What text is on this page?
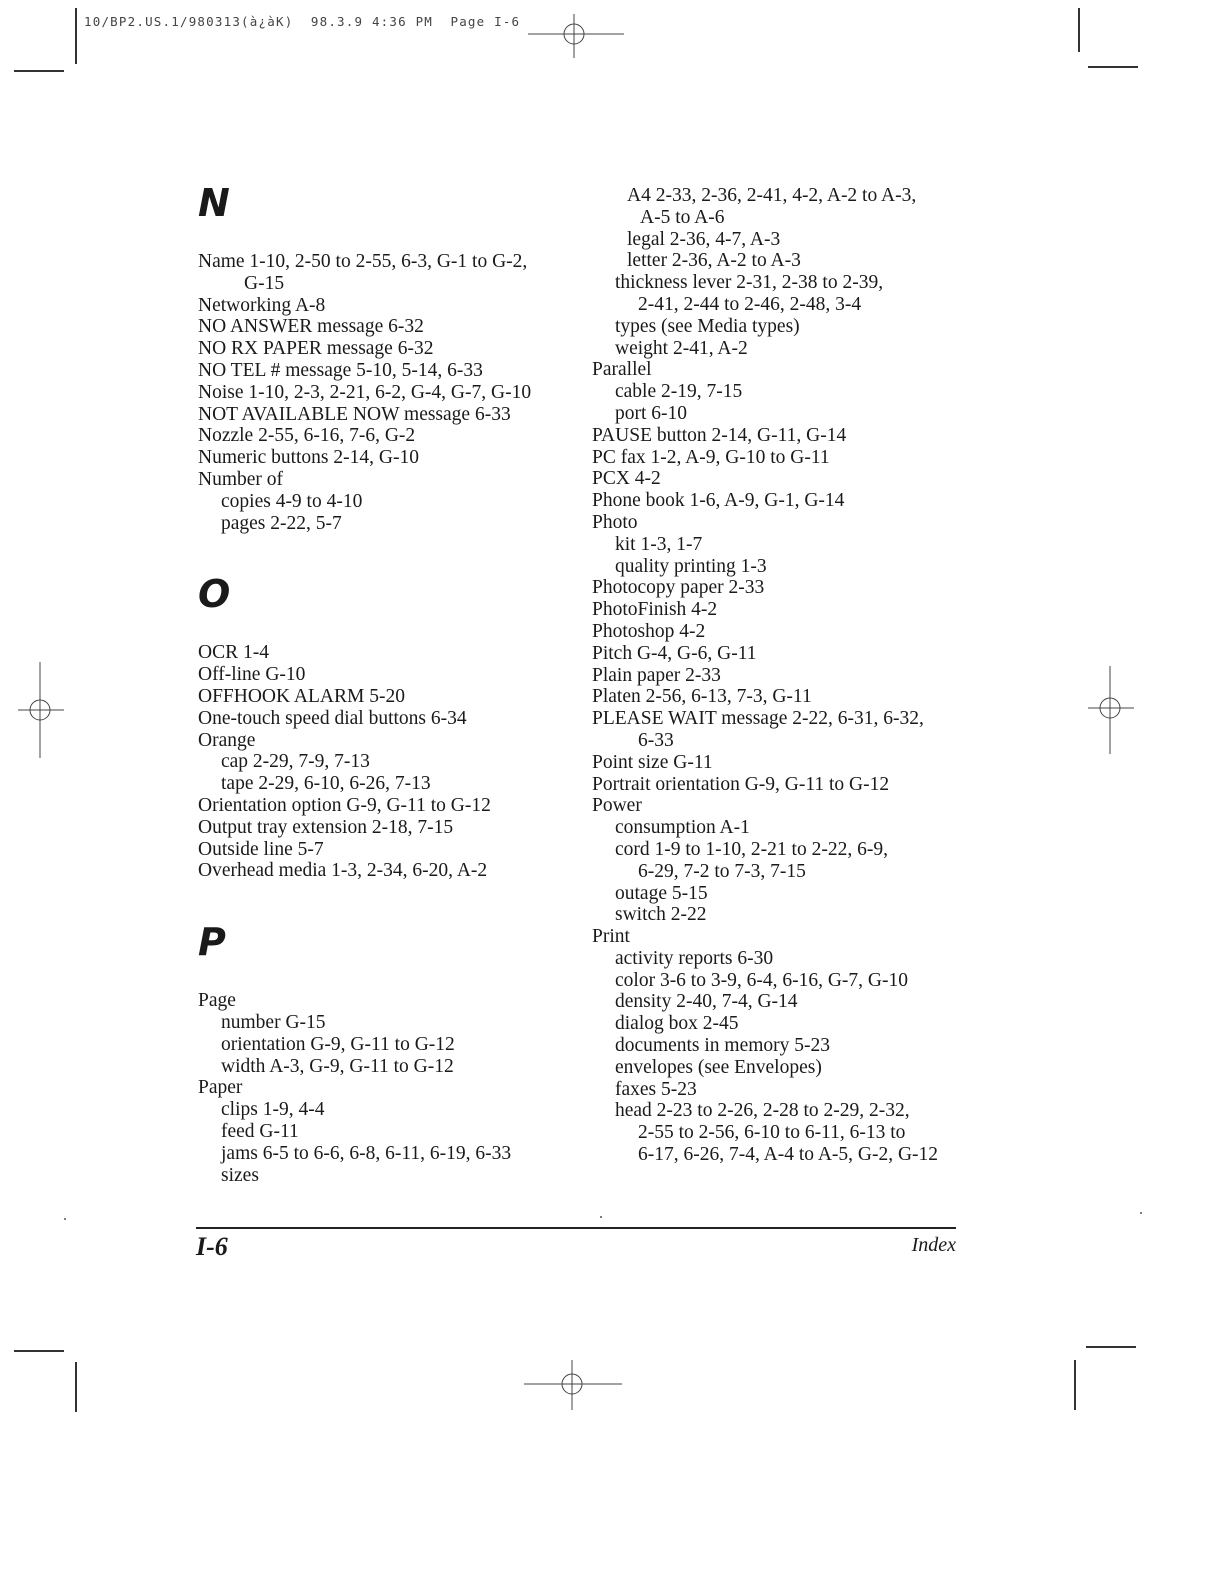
10/BP2.US.1/980313(à¿àK)  98.3.9 4:36 PM  Page I-6
N
Name 1-10, 2-50 to 2-55, 6-3, G-1 to G-2,
G-15
Networking A-8
NO ANSWER message 6-32
NO RX PAPER message 6-32
NO TEL # message 5-10, 5-14, 6-33
Noise 1-10, 2-3, 2-21, 6-2, G-4, G-7, G-10
NOT AVAILABLE NOW message 6-33
Nozzle 2-55, 6-16, 7-6, G-2
Numeric buttons 2-14, G-10
Number of
copies 4-9 to 4-10
pages 2-22, 5-7
O
OCR 1-4
Off-line G-10
OFFHOOK ALARM 5-20
One-touch speed dial buttons 6-34
Orange
cap 2-29, 7-9, 7-13
tape 2-29, 6-10, 6-26, 7-13
Orientation option G-9, G-11 to G-12
Output tray extension 2-18, 7-15
Outside line 5-7
Overhead media 1-3, 2-34, 6-20, A-2
P
Page
number G-15
orientation G-9, G-11 to G-12
width A-3, G-9, G-11 to G-12
Paper
clips 1-9, 4-4
feed G-11
jams 6-5 to 6-6, 6-8, 6-11, 6-19, 6-33
sizes
A4 2-33, 2-36, 2-41, 4-2, A-2 to A-3,
A-5 to A-6
legal 2-36, 4-7, A-3
letter 2-36, A-2 to A-3
thickness lever 2-31, 2-38 to 2-39,
2-41, 2-44 to 2-46, 2-48, 3-4
types (see Media types)
weight 2-41, A-2
Parallel
cable 2-19, 7-15
port 6-10
PAUSE button 2-14, G-11, G-14
PC fax 1-2, A-9, G-10 to G-11
PCX 4-2
Phone book 1-6, A-9, G-1, G-14
Photo
kit 1-3, 1-7
quality printing 1-3
Photocopy paper 2-33
PhotoFinish 4-2
Photoshop 4-2
Pitch G-4, G-6, G-11
Plain paper 2-33
Platen 2-56, 6-13, 7-3, G-11
PLEASE WAIT message 2-22, 6-31, 6-32,
6-33
Point size G-11
Portrait orientation G-9, G-11 to G-12
Power
consumption A-1
cord 1-9 to 1-10, 2-21 to 2-22, 6-9,
6-29, 7-2 to 7-3, 7-15
outage 5-15
switch 2-22
Print
activity reports 6-30
color 3-6 to 3-9, 6-4, 6-16, G-7, G-10
density 2-40, 7-4, G-14
dialog box 2-45
documents in memory 5-23
envelopes (see Envelopes)
faxes 5-23
head 2-23 to 2-26, 2-28 to 2-29, 2-32,
2-55 to 2-56, 6-10 to 6-11, 6-13 to
6-17, 6-26, 7-4, A-4 to A-5, G-2, G-12
I-6	Index
